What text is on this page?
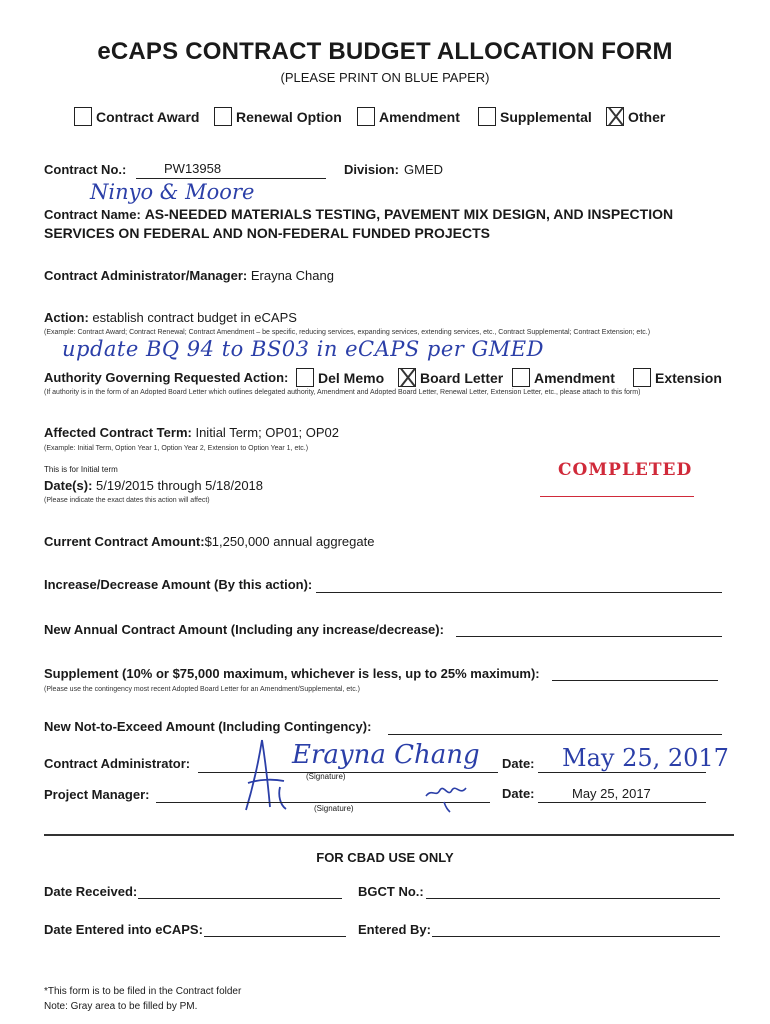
eCAPS CONTRACT BUDGET ALLOCATION FORM
(PLEASE PRINT ON BLUE PAPER)
Contract Award	Renewal Option	Amendment	Supplemental	Other
Contract No.:	PW13958	Division: GMED
Ninyo & Moore
Contract Name: AS-NEEDED MATERIALS TESTING, PAVEMENT MIX DESIGN, AND INSPECTION
SERVICES ON FEDERAL AND NON-FEDERAL FUNDED PROJECTS
Contract Administrator/Manager: Erayna Chang
Action: establish contract budget in eCAPS
(Example: Contract Award; Contract Renewal; Contract Amendment – be specific, reducing services, expanding services, extending services, etc., Contract Supplemental; Contract Extension; etc.)
update BQ 94 to BS03 in eCAPS per GMED
Authority Governing Requested Action:	Del Memo	Board Letter	Amendment	Extension
(If authority is in the form of an Adopted Board Letter which outlines delegated authority, Amendment and Adopted Board Letter, Renewal Letter, Extension Letter, etc., please attach to this form)
Affected Contract Term: Initial Term; OP01; OP02
(Example: Initial Term, Option Year 1, Option Year 2, Extension to Option Year 1, etc.)
This is for Initial term	COMPLETED
Date(s): 5/19/2015 through 5/18/2018
(Please indicate the exact dates this action will affect)
Current Contract Amount:$1,250,000 annual aggregate
Increase/Decrease Amount (By this action):
New Annual Contract Amount (Including any increase/decrease):
Supplement (10% or $75,000 maximum, whichever is less, up to 25% maximum):
(Please use the contingency most recent Adopted Board Letter for an Amendment/Supplemental, etc.)
New Not-to-Exceed Amount (Including Contingency):
Contract Administrator:	Erayna Chang
(Signature)
Date: May 25, 2017
Project Manager:
(Signature)
Date:	May 25, 2017
FOR CBAD USE ONLY
Date Received:	BGCT No.:
Date Entered into eCAPS:	Entered By:
*This form is to be filed in the Contract folder
Note: Gray area to be filled by PM.
